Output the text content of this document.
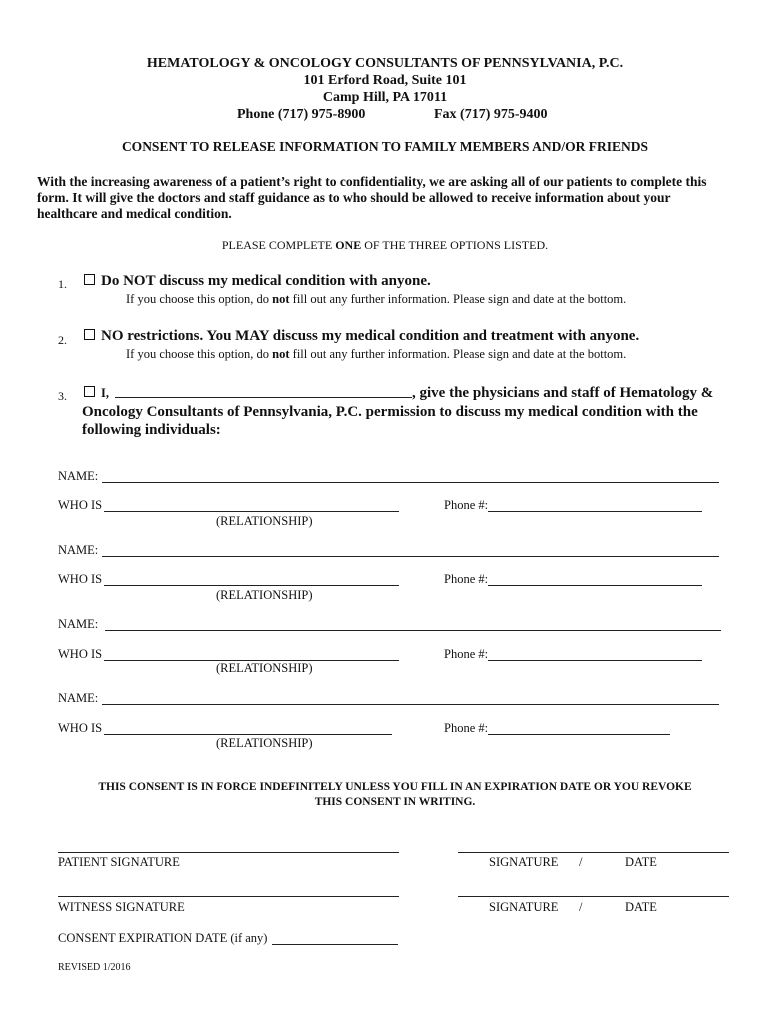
HEMATOLOGY & ONCOLOGY CONSULTANTS OF PENNSYLVANIA, P.C.
101 Erford Road, Suite 101
Camp Hill, PA 17011
Phone (717) 975-8900	Fax (717) 975-9400
CONSENT TO RELEASE INFORMATION TO FAMILY MEMBERS AND/OR FRIENDS
With the increasing awareness of a patient’s right to confidentiality, we are asking all of our patients to complete this
form. It will give the doctors and staff guidance as to who should be allowed to receive information about your
healthcare and medical condition.
PLEASE COMPLETE ONE OF THE THREE OPTIONS LISTED.
1.	Do NOT discuss my medical condition with anyone.
If you choose this option, do not fill out any further information. Please sign and date at the bottom.
2.	NO restrictions. You MAY discuss my medical condition and treatment with anyone.
If you choose this option, do not fill out any further information. Please sign and date at the bottom.
3.	I,	, give the physicians and staff of Hematology &
Oncology Consultants of Pennsylvania, P.C. permission to discuss my medical condition with the
following individuals:
NAME:
WHO IS	Phone #:
(RELATIONSHIP)
NAME:
WHO IS	Phone #:
(RELATIONSHIP)
NAME:
WHO IS	Phone #:
(RELATIONSHIP)
NAME:
WHO IS	Phone #:
(RELATIONSHIP)
THIS CONSENT IS IN FORCE INDEFINITELY UNLESS YOU FILL IN AN EXPIRATION DATE OR YOU REVOKE
THIS CONSENT IN WRITING.
PATIENT SIGNATURE	SIGNATURE /	DATE
WITNESS SIGNATURE	SIGNATURE /	DATE
CONSENT EXPIRATION DATE (if any)
REVISED 1/2016
